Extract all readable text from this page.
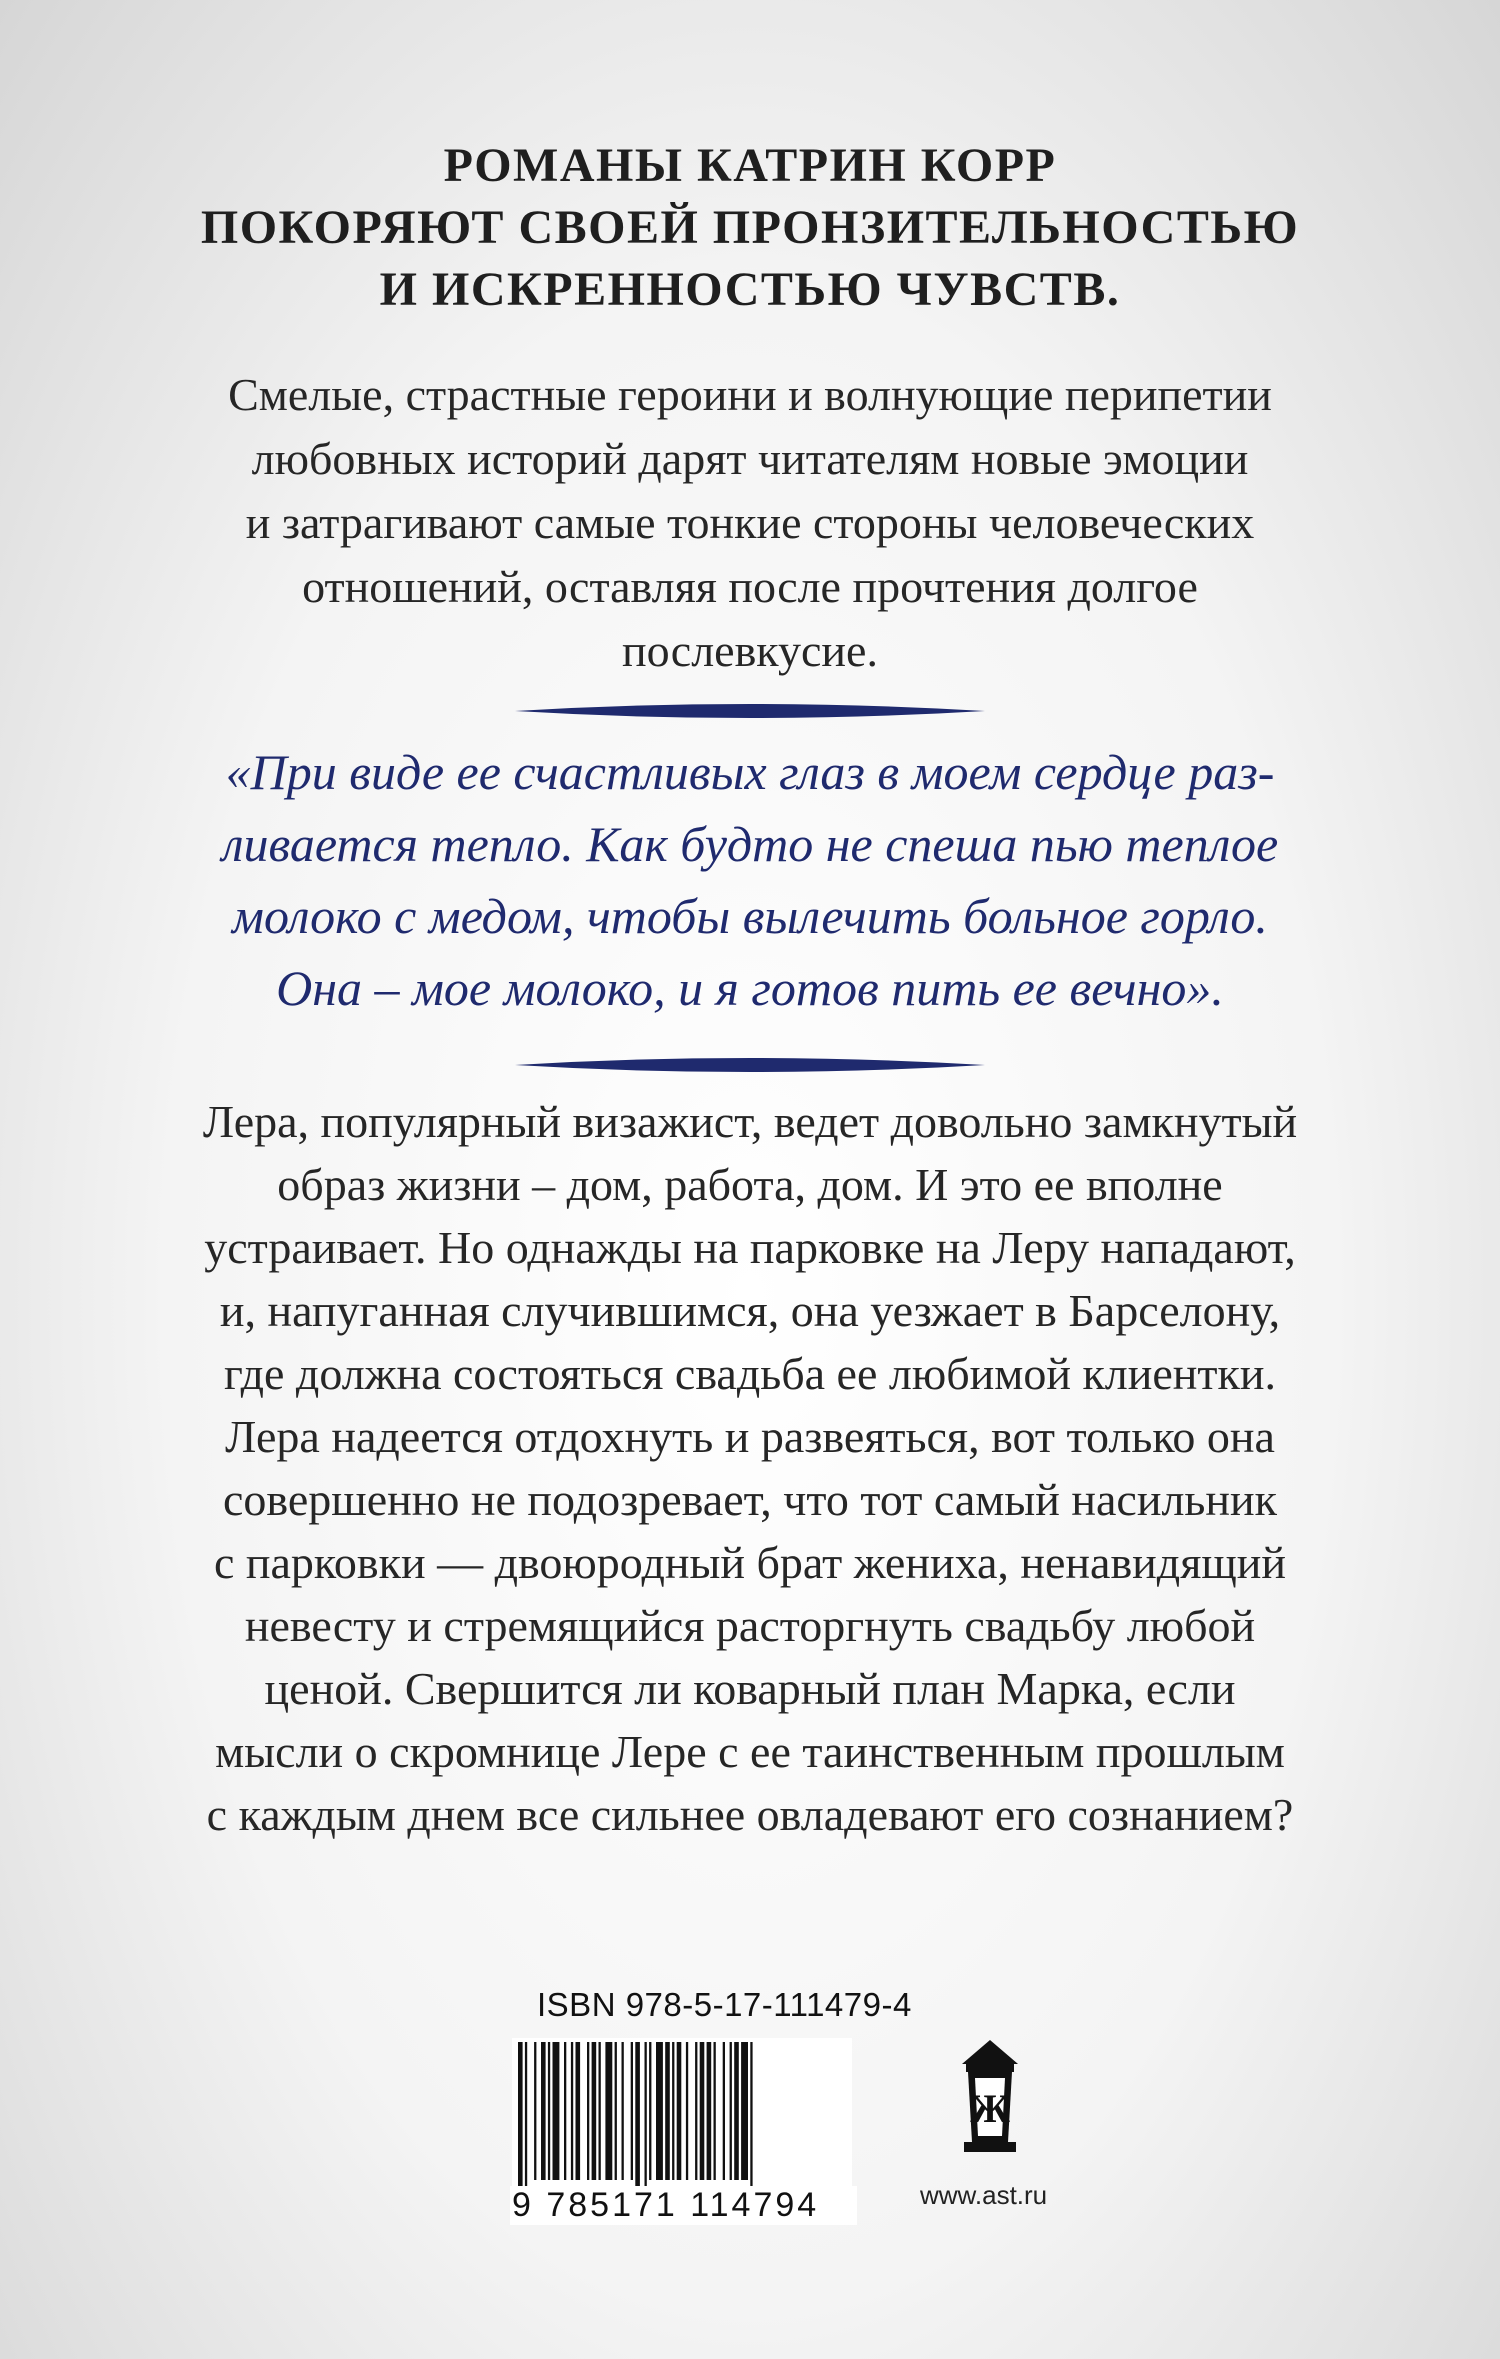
РОМАНЫ КАТРИН КОРР
ПОКОРЯЮТ СВОЕЙ ПРОНЗИТЕЛЬНОСТЬЮ
И ИСКРЕННОСТЬЮ ЧУВСТВ.
Смелые, страстные героини и волнующие перипетии
любовных историй дарят читателям новые эмоции
и затрагивают самые тонкие стороны человеческих
отношений, оставляя после прочтения долгое
послевкусие.
«При виде ее счастливых глаз в моем сердце раз-
ливается тепло. Как будто не спеша пью теплое
молоко с медом, чтобы вылечить больное горло.
Она – мое молоко, и я готов пить ее вечно».
Лера, популярный визажист, ведет довольно замкнутый
образ жизни – дом, работа, дом. И это ее вполне
устраивает. Но однажды на парковке на Леру нападают,
и, напуганная случившимся, она уезжает в Барселону,
где должна состояться свадьба ее любимой клиентки.
Лера надеется отдохнуть и развеяться, вот только она
совершенно не подозревает, что тот самый насильник
с парковки — двоюродный брат жениха, ненавидящий
невесту и стремящийся расторгнуть свадьбу любой
ценой. Свершится ли коварный план Марка, если
мысли о скромнице Лере с ее таинственным прошлым
с каждым днем все сильнее овладевают его сознанием?
ISBN 978-5-17-111479-4
9 785171 114794
Ж
www.ast.ru
